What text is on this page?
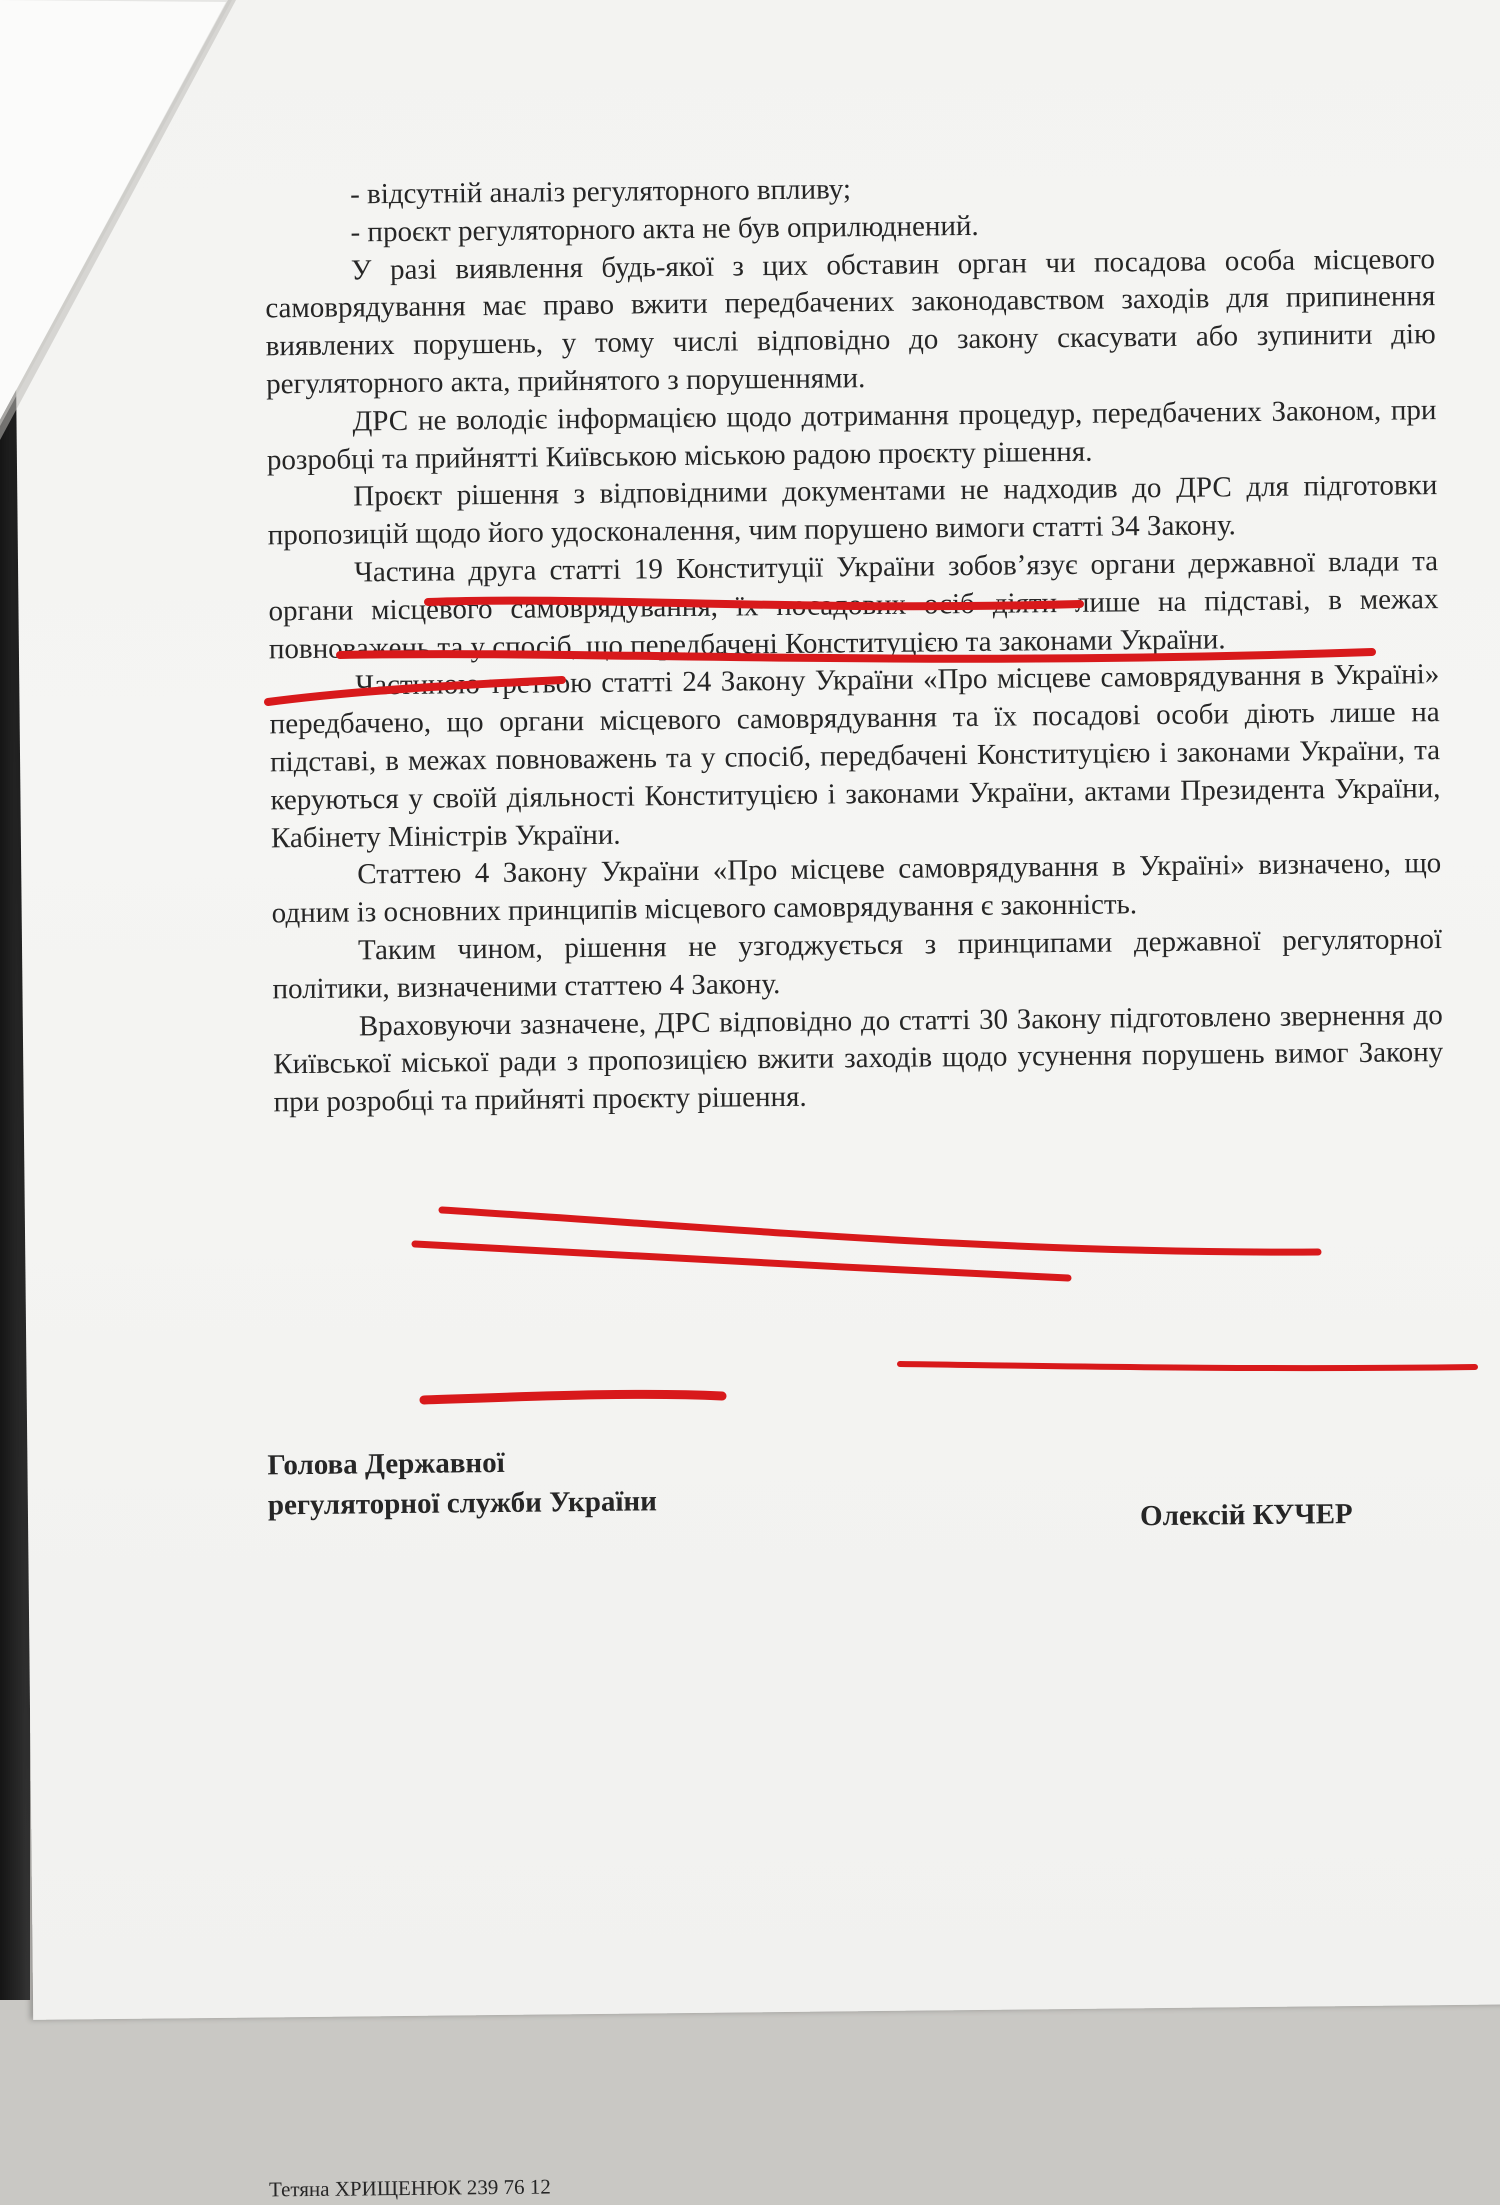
- відсутній аналіз регуляторного впливу;

- проєкт регуляторного акта не був оприлюднений.

У разі виявлення будь-якої з цих обставин орган чи посадова особа місцевого самоврядування має право вжити передбачених законодавством заходів для припинення виявлених порушень, у тому числі відповідно до закону скасувати або зупинити дію регуляторного акта, прийнятого з порушеннями.

ДРС не володіє інформацією щодо дотримання процедур, передбачених Законом, при розробці та прийнятті Київською міською радою проєкту рішення.

Проєкт рішення з відповідними документами не надходив до ДРС для підготовки пропозицій щодо його удосконалення, чим порушено вимоги статті 34 Закону.

Частина друга статті 19 Конституції України зобов’язує органи державної влади та органи місцевого самоврядування, їх посадових осіб діяти лише на підставі, в межах повноважень та у спосіб, що передбачені Конституцією та законами України.

Частиною третьою статті 24 Закону України «Про місцеве самоврядування в Україні» передбачено, що органи місцевого самоврядування та їх посадові особи діють лише на підставі, в межах повноважень та у спосіб, передбачені Конституцією і законами України, та керуються у своїй діяльності Конституцією і законами України, актами Президента України, Кабінету Міністрів України.

Статтею 4 Закону України «Про місцеве самоврядування в Україні» визначено, що одним із основних принципів місцевого самоврядування є законність.

Таким чином, рішення не узгоджується з принципами державної регуляторної політики, визначеними статтею 4 Закону.

Враховуючи зазначене, ДРС відповідно до статті 30 Закону підготовлено звернення до Київської міської ради з пропозицією вжити заходів щодо усунення порушень вимог Закону при розробці та прийняті проєкту рішення.

Голова Державної
регуляторної служби України	Олексій КУЧЕР
Тетяна ХРИЩЕНЮК 239 76 12
